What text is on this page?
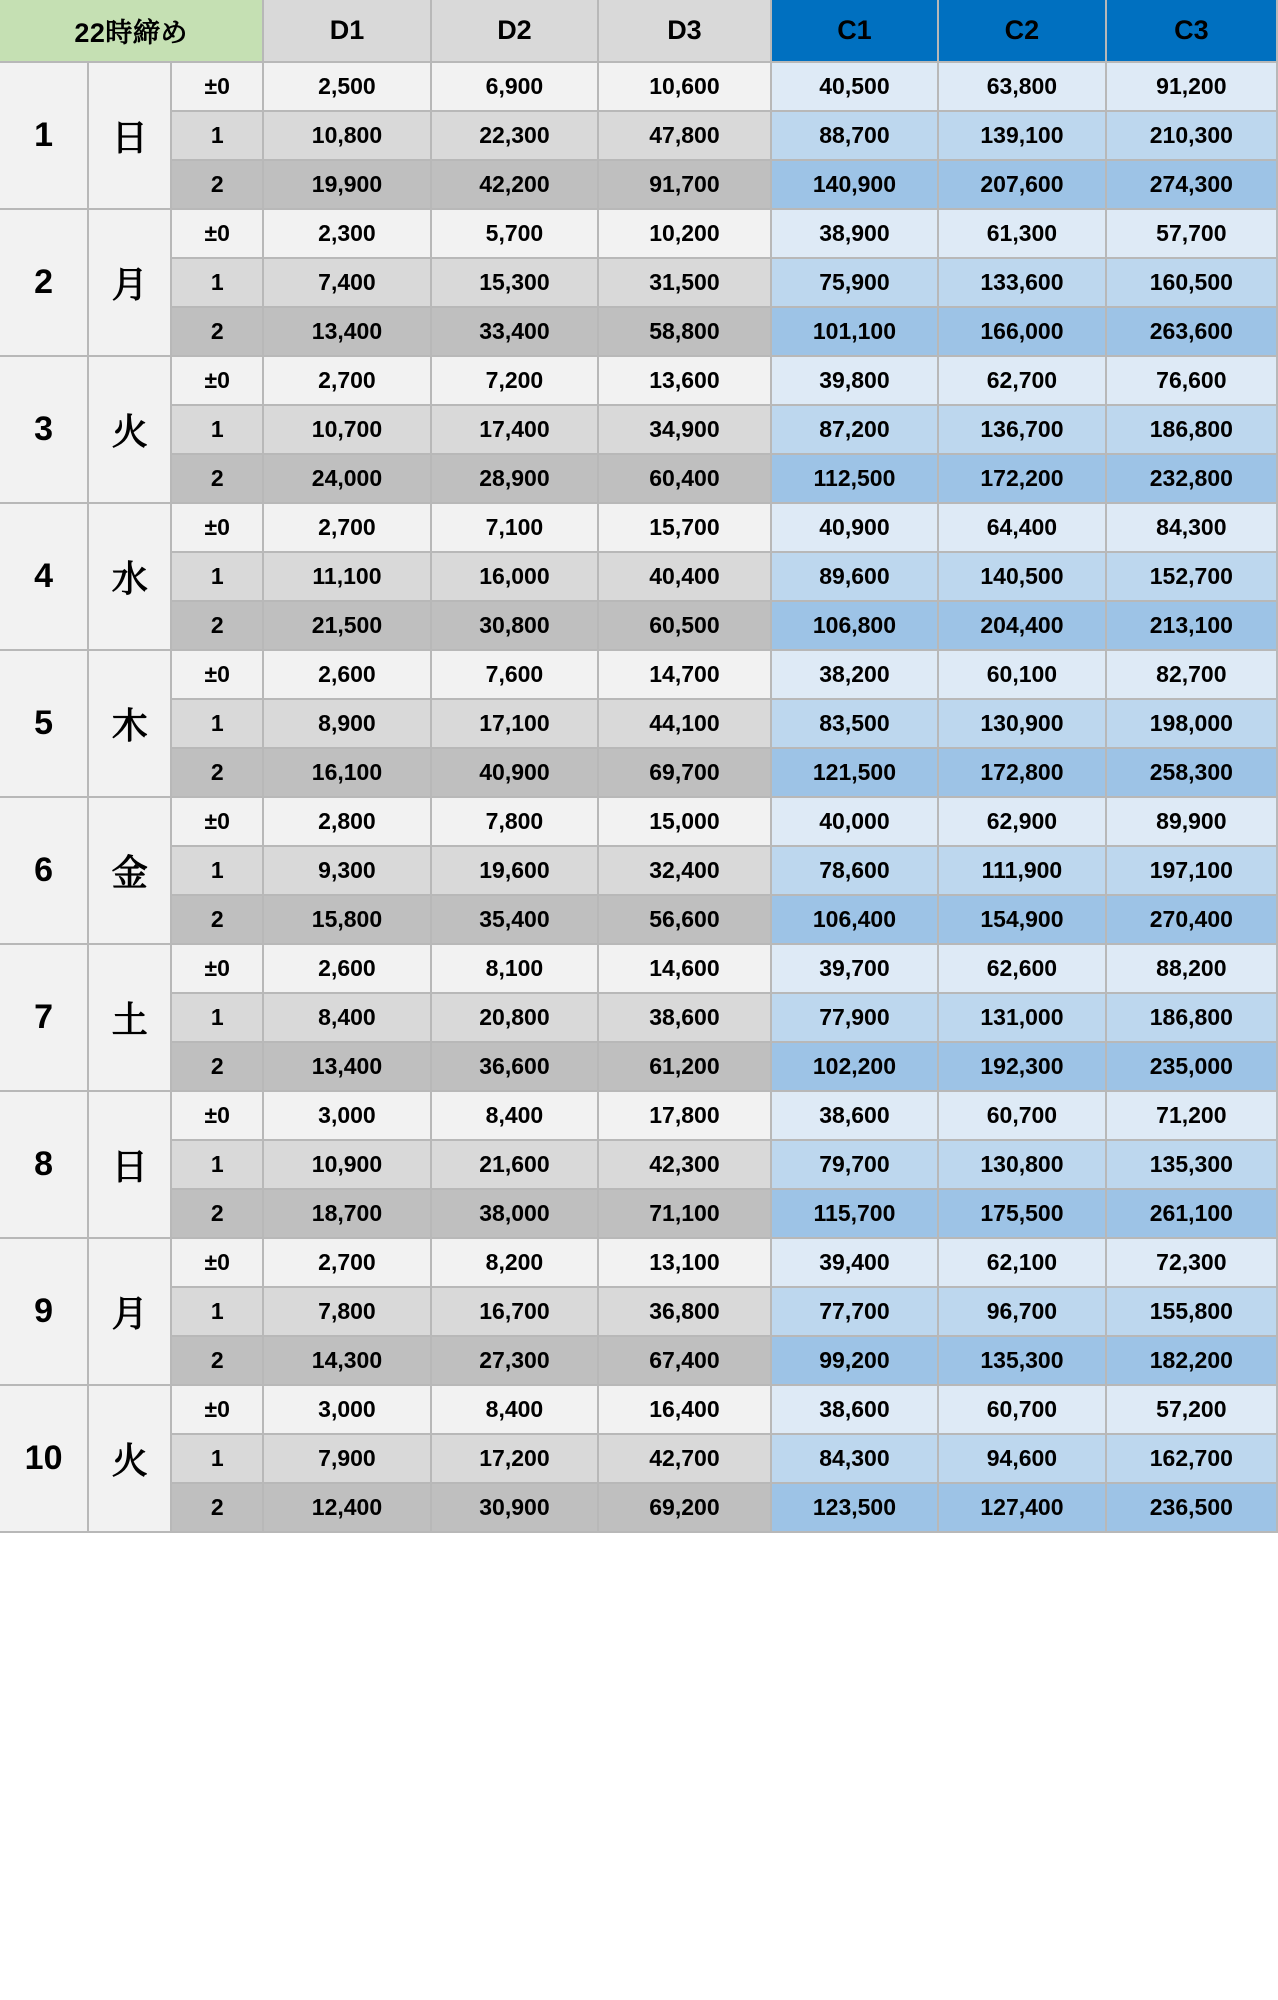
22時締め			D1	D2	D3	C1	C2	C3
1	日	±0	2,500	6,900	10,600	40,500	63,800	91,200
		1	10,800	22,300	47,800	88,700	139,100	210,300
		2	19,900	42,200	91,700	140,900	207,600	274,300
2	月	±0	2,300	5,700	10,200	38,900	61,300	57,700
		1	7,400	15,300	31,500	75,900	133,600	160,500
		2	13,400	33,400	58,800	101,100	166,000	263,600
3	火	±0	2,700	7,200	13,600	39,800	62,700	76,600
		1	10,700	17,400	34,900	87,200	136,700	186,800
		2	24,000	28,900	60,400	112,500	172,200	232,800
4	水	±0	2,700	7,100	15,700	40,900	64,400	84,300
		1	11,100	16,000	40,400	89,600	140,500	152,700
		2	21,500	30,800	60,500	106,800	204,400	213,100
5	木	±0	2,600	7,600	14,700	38,200	60,100	82,700
		1	8,900	17,100	44,100	83,500	130,900	198,000
		2	16,100	40,900	69,700	121,500	172,800	258,300
6	金	±0	2,800	7,800	15,000	40,000	62,900	89,900
		1	9,300	19,600	32,400	78,600	111,900	197,100
		2	15,800	35,400	56,600	106,400	154,900	270,400
7	土	±0	2,600	8,100	14,600	39,700	62,600	88,200
		1	8,400	20,800	38,600	77,900	131,000	186,800
		2	13,400	36,600	61,200	102,200	192,300	235,000
8	日	±0	3,000	8,400	17,800	38,600	60,700	71,200
		1	10,900	21,600	42,300	79,700	130,800	135,300
		2	18,700	38,000	71,100	115,700	175,500	261,100
9	月	±0	2,700	8,200	13,100	39,400	62,100	72,300
		1	7,800	16,700	36,800	77,700	96,700	155,800
		2	14,300	27,300	67,400	99,200	135,300	182,200
10	火	±0	3,000	8,400	16,400	38,600	60,700	57,200
		1	7,900	17,200	42,700	84,300	94,600	162,700
		2	12,400	30,900	69,200	123,500	127,400	236,500
